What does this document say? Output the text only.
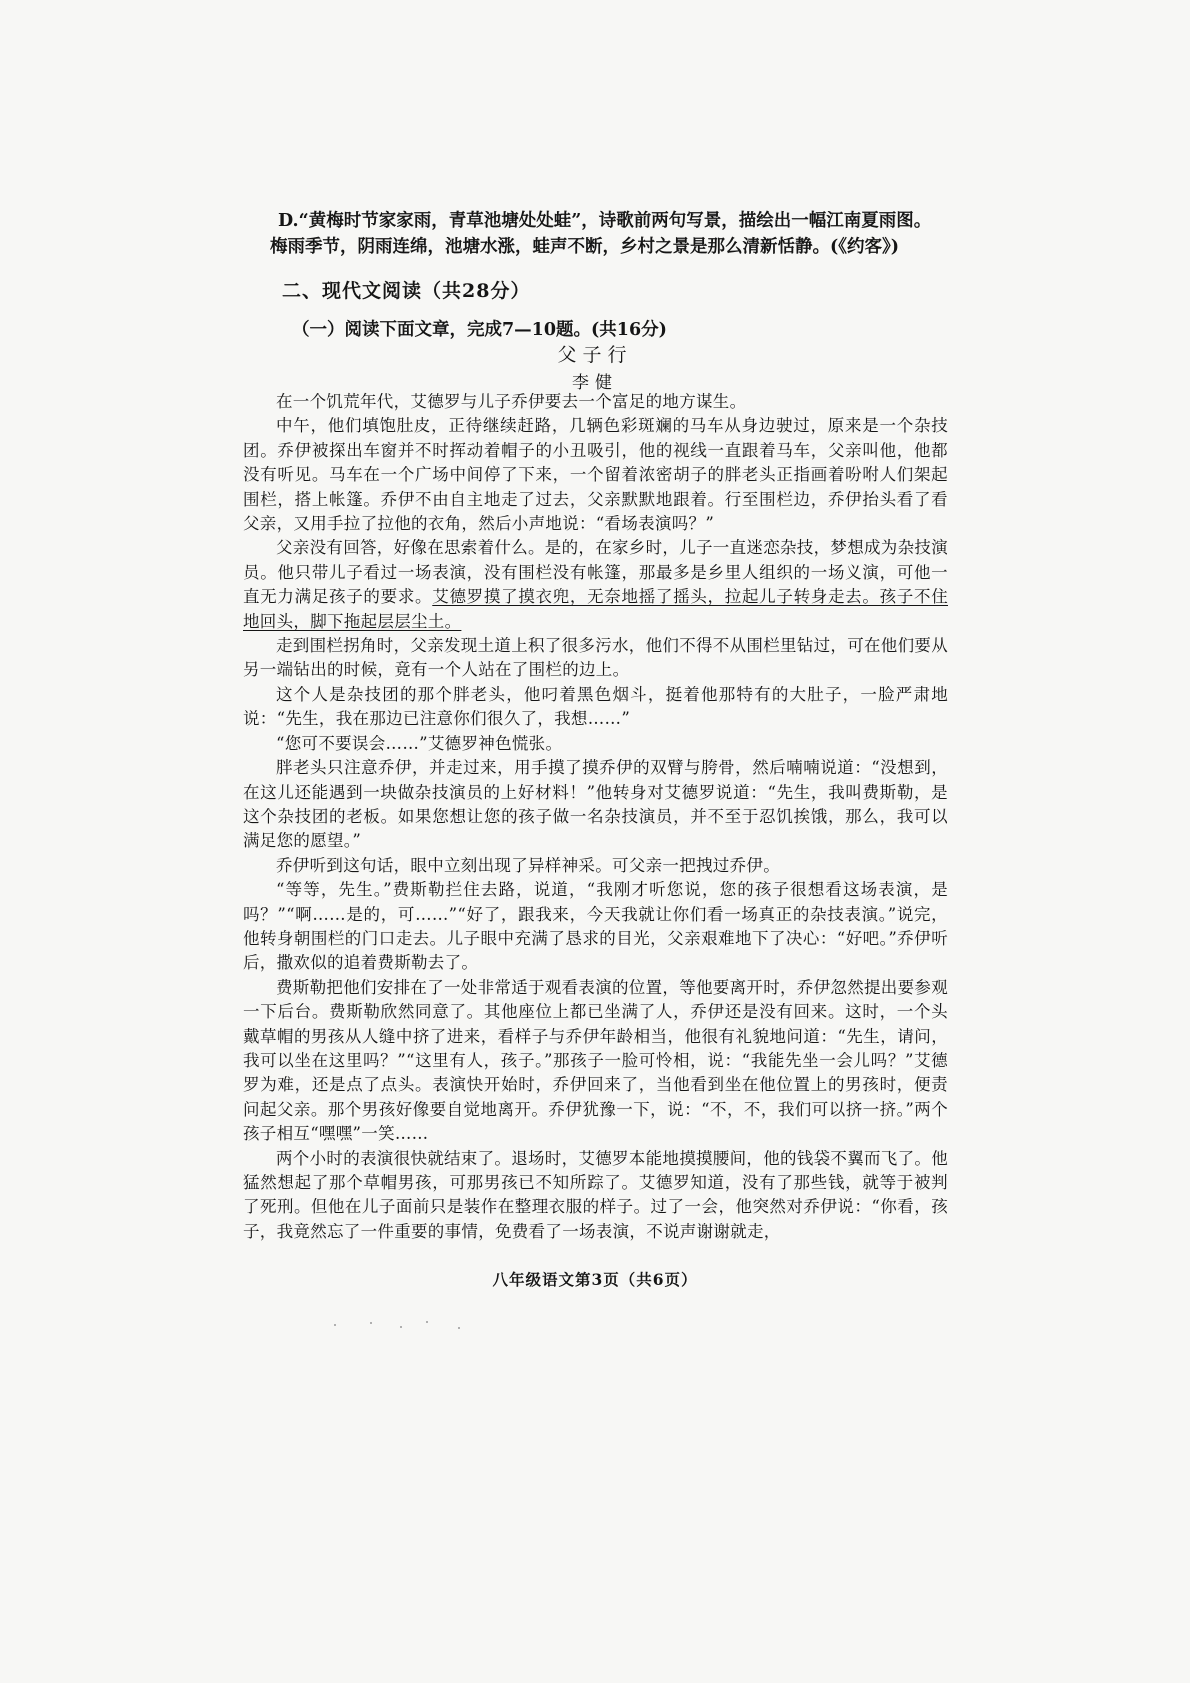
D.“黄梅时节家家雨，青草池塘处处蛙”，诗歌前两句写景，描绘出一幅江南夏雨图。

梅雨季节，阴雨连绵，池塘水涨，蛙声不断，乡村之景是那么清新恬静。(《约客》)

二、现代文阅读（共28分）
（一）阅读下面文章，完成7—10题。(共16分)
父子行
李健

在一个饥荒年代，艾德罗与儿子乔伊要去一个富足的地方谋生。

中午，他们填饱肚皮，正待继续赶路，几辆色彩斑斓的马车从身边驶过，原来是一个杂技团。乔伊被探出车窗并不时挥动着帽子的小丑吸引，他的视线一直跟着马车，父亲叫他，他都没有听见。马车在一个广场中间停了下来，一个留着浓密胡子的胖老头正指画着吩咐人们架起围栏，搭上帐篷。乔伊不由自主地走了过去，父亲默默地跟着。行至围栏边，乔伊抬头看了看父亲，又用手拉了拉他的衣角，然后小声地说：“看场表演吗？”

父亲没有回答，好像在思索着什么。是的，在家乡时，儿子一直迷恋杂技，梦想成为杂技演员。他只带儿子看过一场表演，没有围栏没有帐篷，那最多是乡里人组织的一场义演，可他一直无力满足孩子的要求。艾德罗摸了摸衣兜，无奈地摇了摇头，拉起儿子转身走去。孩子不住地回头，脚下拖起层层尘土。

走到围栏拐角时，父亲发现土道上积了很多污水，他们不得不从围栏里钻过，可在他们要从另一端钻出的时候，竟有一个人站在了围栏的边上。

这个人是杂技团的那个胖老头，他叼着黑色烟斗，挺着他那特有的大肚子，一脸严肃地说：“先生，我在那边已注意你们很久了，我想……”

“您可不要误会……”艾德罗神色慌张。

胖老头只注意乔伊，并走过来，用手摸了摸乔伊的双臂与胯骨，然后喃喃说道：“没想到，在这儿还能遇到一块做杂技演员的上好材料！”他转身对艾德罗说道：“先生，我叫费斯勒，是这个杂技团的老板。如果您想让您的孩子做一名杂技演员，并不至于忍饥挨饿，那么，我可以满足您的愿望。”

乔伊听到这句话，眼中立刻出现了异样神采。可父亲一把拽过乔伊。

“等等，先生。”费斯勒拦住去路，说道，“我刚才听您说，您的孩子很想看这场表演，是吗？”“啊……是的，可……”“好了，跟我来，今天我就让你们看一场真正的杂技表演。”说完，他转身朝围栏的门口走去。儿子眼中充满了恳求的目光，父亲艰难地下了决心：“好吧。”乔伊听后，撒欢似的追着费斯勒去了。

费斯勒把他们安排在了一处非常适于观看表演的位置，等他要离开时，乔伊忽然提出要参观一下后台。费斯勒欣然同意了。其他座位上都已坐满了人，乔伊还是没有回来。这时，一个头戴草帽的男孩从人缝中挤了进来，看样子与乔伊年龄相当，他很有礼貌地问道：“先生，请问，我可以坐在这里吗？”“这里有人，孩子。”那孩子一脸可怜相，说：“我能先坐一会儿吗？”艾德罗为难，还是点了点头。表演快开始时，乔伊回来了，当他看到坐在他位置上的男孩时，便责问起父亲。那个男孩好像要自觉地离开。乔伊犹豫一下，说：“不，不，我们可以挤一挤。”两个孩子相互“嘿嘿”一笑……

两个小时的表演很快就结束了。退场时，艾德罗本能地摸摸腰间，他的钱袋不翼而飞了。他猛然想起了那个草帽男孩，可那男孩已不知所踪了。艾德罗知道，没有了那些钱，就等于被判了死刑。但他在儿子面前只是装作在整理衣服的样子。过了一会，他突然对乔伊说：“你看，孩子，我竟然忘了一件重要的事情，免费看了一场表演，不说声谢谢就走，

八年级语文第3页（共6页）
